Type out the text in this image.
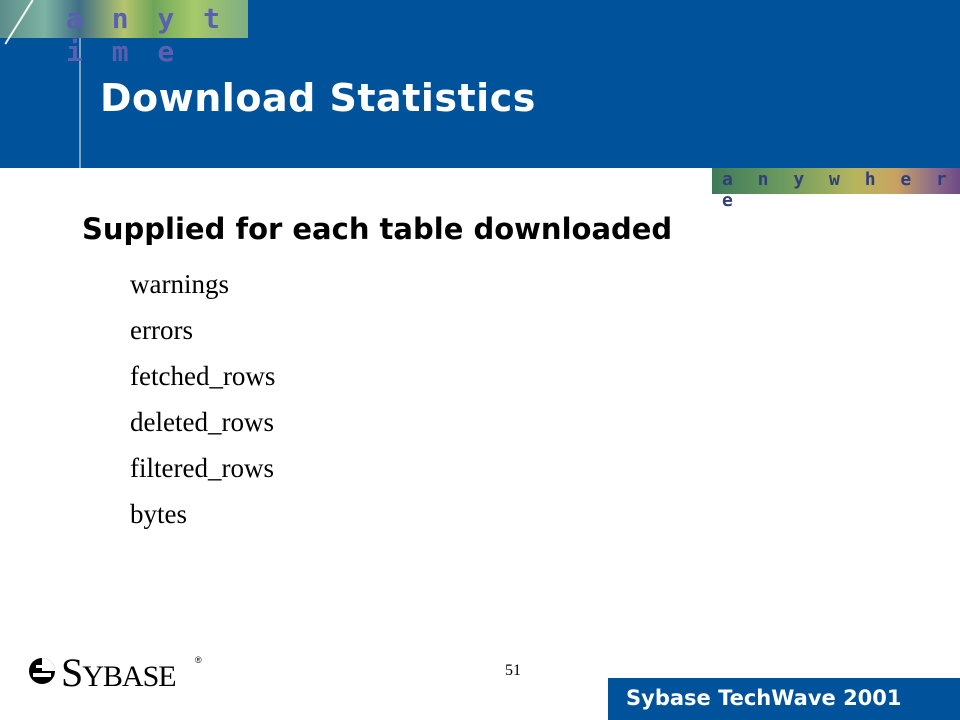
a n y t i m e
Download Statistics
a n y w h e r e
Supplied for each table downloaded
warnings
errors
fetched_rows
deleted_rows
filtered_rows
bytes
SYBASE ®
51
Sybase TechWave 2001
